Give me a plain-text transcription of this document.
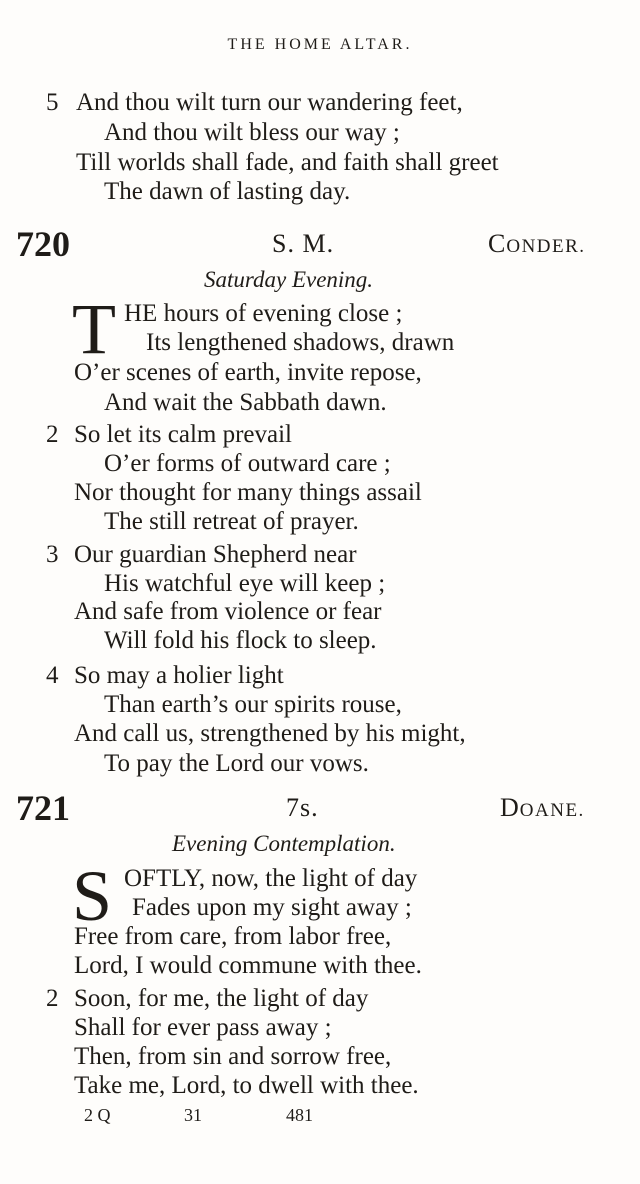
THE HOME ALTAR.
5 And thou wilt turn our wandering feet,
And thou wilt bless our way ;
Till worlds shall fade, and faith shall greet
The dawn of lasting day.
720	S. M.	CONDER.
Saturday Evening.
T HE hours of evening close ;
Its lengthened shadows, drawn
O’er scenes of earth, invite repose,
And wait the Sabbath dawn.
2 So let its calm prevail
O’er forms of outward care ;
Nor thought for many things assail
The still retreat of prayer.
3 Our guardian Shepherd near
His watchful eye will keep ;
And safe from violence or fear
Will fold his flock to sleep.
4 So may a holier light
Than earth’s our spirits rouse,
And call us, strengthened by his might,
To pay the Lord our vows.
721	7s.	DOANE.
Evening Contemplation.
S OFTLY, now, the light of day
Fades upon my sight away ;
Free from care, from labor free,
Lord, I would commune with thee.
2 Soon, for me, the light of day
Shall for ever pass away ;
Then, from sin and sorrow free,
Take me, Lord, to dwell with thee.
2 Q	31	481
